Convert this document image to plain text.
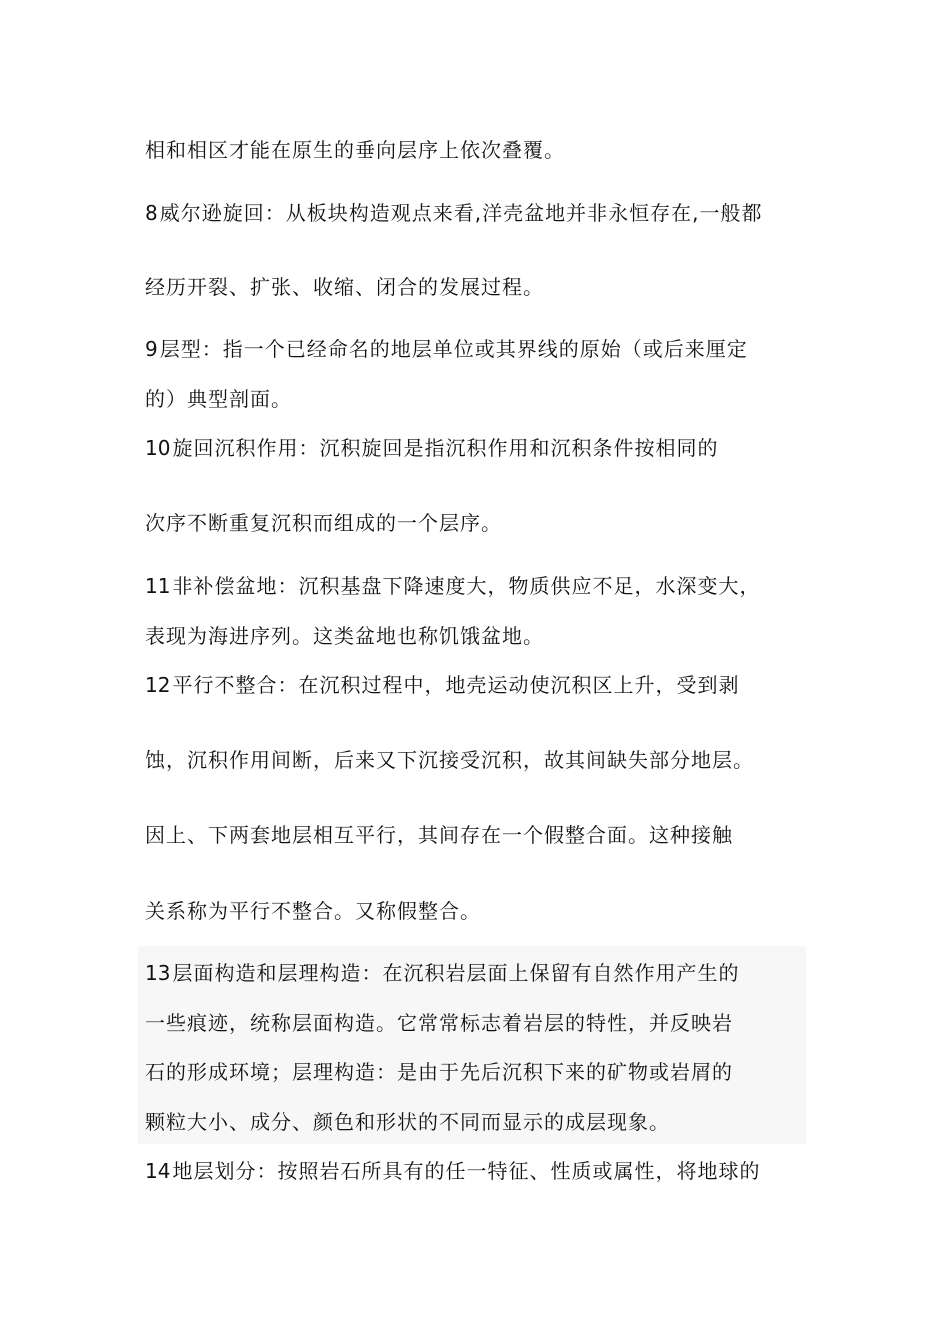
相和相区才能在原生的垂向层序上依次叠覆。
8 威尔逊旋回：从板块构造观点来看,洋壳盆地并非永恒存在,一般都
经历开裂、扩张、收缩、闭合的发展过程。
9 层型：指一个已经命名的地层单位或其界线的原始（或后来厘定
的）典型剖面。
10 旋回沉积作用：沉积旋回是指沉积作用和沉积条件按相同的
次序不断重复沉积而组成的一个层序。
11 非补偿盆地：沉积基盘下降速度大，物质供应不足，水深变大，
表现为海进序列。这类盆地也称饥饿盆地。
12 平行不整合：在沉积过程中，地壳运动使沉积区上升，受到剥
蚀，沉积作用间断，后来又下沉接受沉积，故其间缺失部分地层。
因上、下两套地层相互平行，其间存在一个假整合面。这种接触
关系称为平行不整合。又称假整合。
13 层面构造和层理构造：在沉积岩层面上保留有自然作用产生的
一些痕迹，统称层面构造。它常常标志着岩层的特性，并反映岩
石的形成环境；层理构造：是由于先后沉积下来的矿物或岩屑的
颗粒大小、成分、颜色和形状的不同而显示的成层现象。
14 地层划分：按照岩石所具有的任一特征、性质或属性，将地球的
